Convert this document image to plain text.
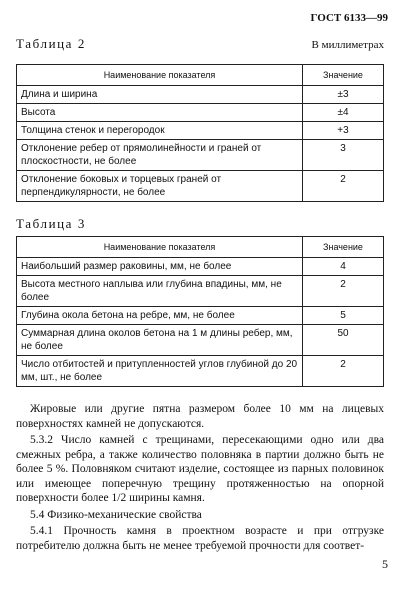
ГОСТ 6133—99
Таблица 2	В миллиметрах
Наименование показателя	Значение
Длина и ширина	±3
Высота	±4
Толщина стенок и перегородок	+3
Отклонение ребер от прямолинейности и граней от плоскостности, не более	3
Отклонение боковых и торцевых граней от перпендикулярности, не более	2
Таблица 3
Наименование показателя	Значение
Наибольший размер раковины, мм, не более	4
Высота местного наплыва или глубина впадины, мм, не более	2
Глубина окола бетона на ребре, мм, не более	5
Суммарная длина околов бетона на 1 м длины ребер, мм, не более	50
Число отбитостей и притупленностей углов глубиной до 20 мм, шт., не более	2

Жировые или другие пятна размером более 10 мм на лицевых поверхностях камней не допускаются.

5.3.2 Число камней с трещинами, пересекающими одно или два смежных ребра, а также количество половняка в партии должно быть не более 5 %. Половняком считают изделие, состоящее из парных половинок или имеющее поперечную трещину протяженностью на опорной поверхности более 1/2 ширины камня.

5.4 Физико-механические свойства

5.4.1 Прочность камня в проектном возрасте и при отгрузке потребителю должна быть не менее требуемой прочности для соответ-

5
